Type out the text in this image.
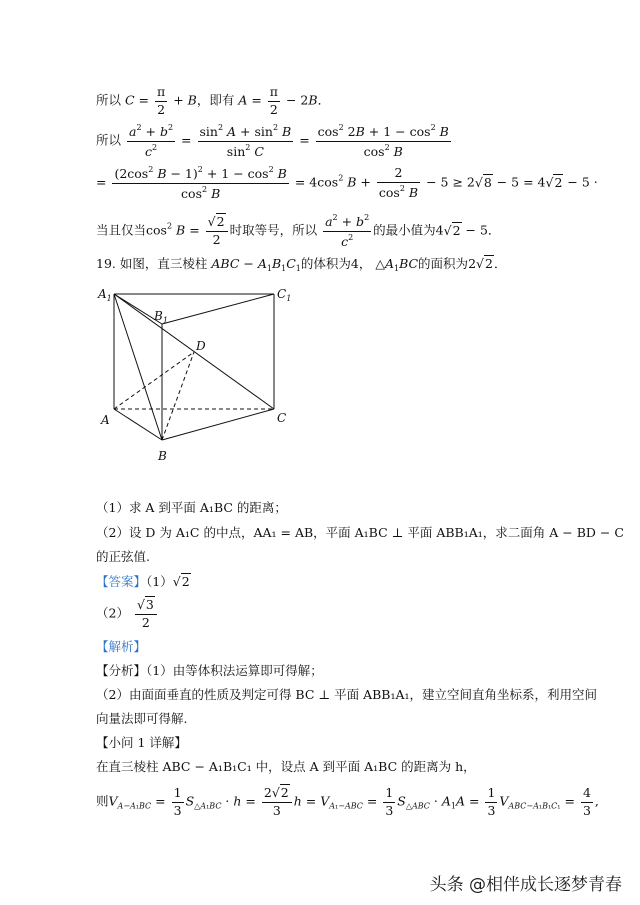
所以 $C = \frac{\pi}{2} + B$，即有 $A = \frac{\pi}{2} - 2B$．
所以 $\frac{a^2 + b^2}{c^2} = \frac{\sin^2 A + \sin^2 B}{\sin^2 C} = \frac{\cos^2 2B + 1 - \cos^2 B}{\cos^2 B}$
= $\frac{(2\cos^2 B - 1)^2 + 1 - \cos^2 B}{\cos^2 B} = 4\cos^2$ $B + \frac{2}{\cos^2 B} - 5 \ge 2√8 - 5 = 4√2 - 5$ ·
当且仅当$\cos^2 B = \frac{√2}{2}$ 时取等号，所以 $\frac{a^2 + b^2}{c^2}$ 的最小值为4√2 − 5．
19. 如图，直三棱柱 ABC − $A_1B_1C_1$的体积为4， $\triangle A_1BC$的面积为2√2．
$A_1$
$B_1$
$C_1$
D
A
B
C
（1）求 A 到平面 A₁BC 的距离；
（2）设 D 为 A₁C 的中点，AA₁ = AB，平面 A₁BC ⊥ 平面 ABB₁A₁，求二面角 A − BD − C
的正弦值.
【答案】（1）√2
$(2) \frac{√3}{2}$
【解析】
【分析】（1）由等体积法运算即可得解；
（2）由面面垂直的性质及判定可得 BC ⊥ 平面 ABB₁A₁，建立空间直角坐标系，利用空间
向量法即可得解.
【小问 1 详解】
在直三棱柱 ABC − A₁B₁C₁ 中，设点 A 到平面 A₁BC 的距离为 h，
则$V_{A-A_1BC} = \frac{1}{3} S_{\triangle A_1BC} \cdot h = \frac{2√2}{3}$ $h = V_{A_1-ABC} = \frac{1}{3} S_{\triangle ABC} \cdot A_1A = \frac{1}{3} V_{ABC-A_1B_1C_1} = \frac{4}{3}$ ,
头条 @相伴成长逐梦青春
